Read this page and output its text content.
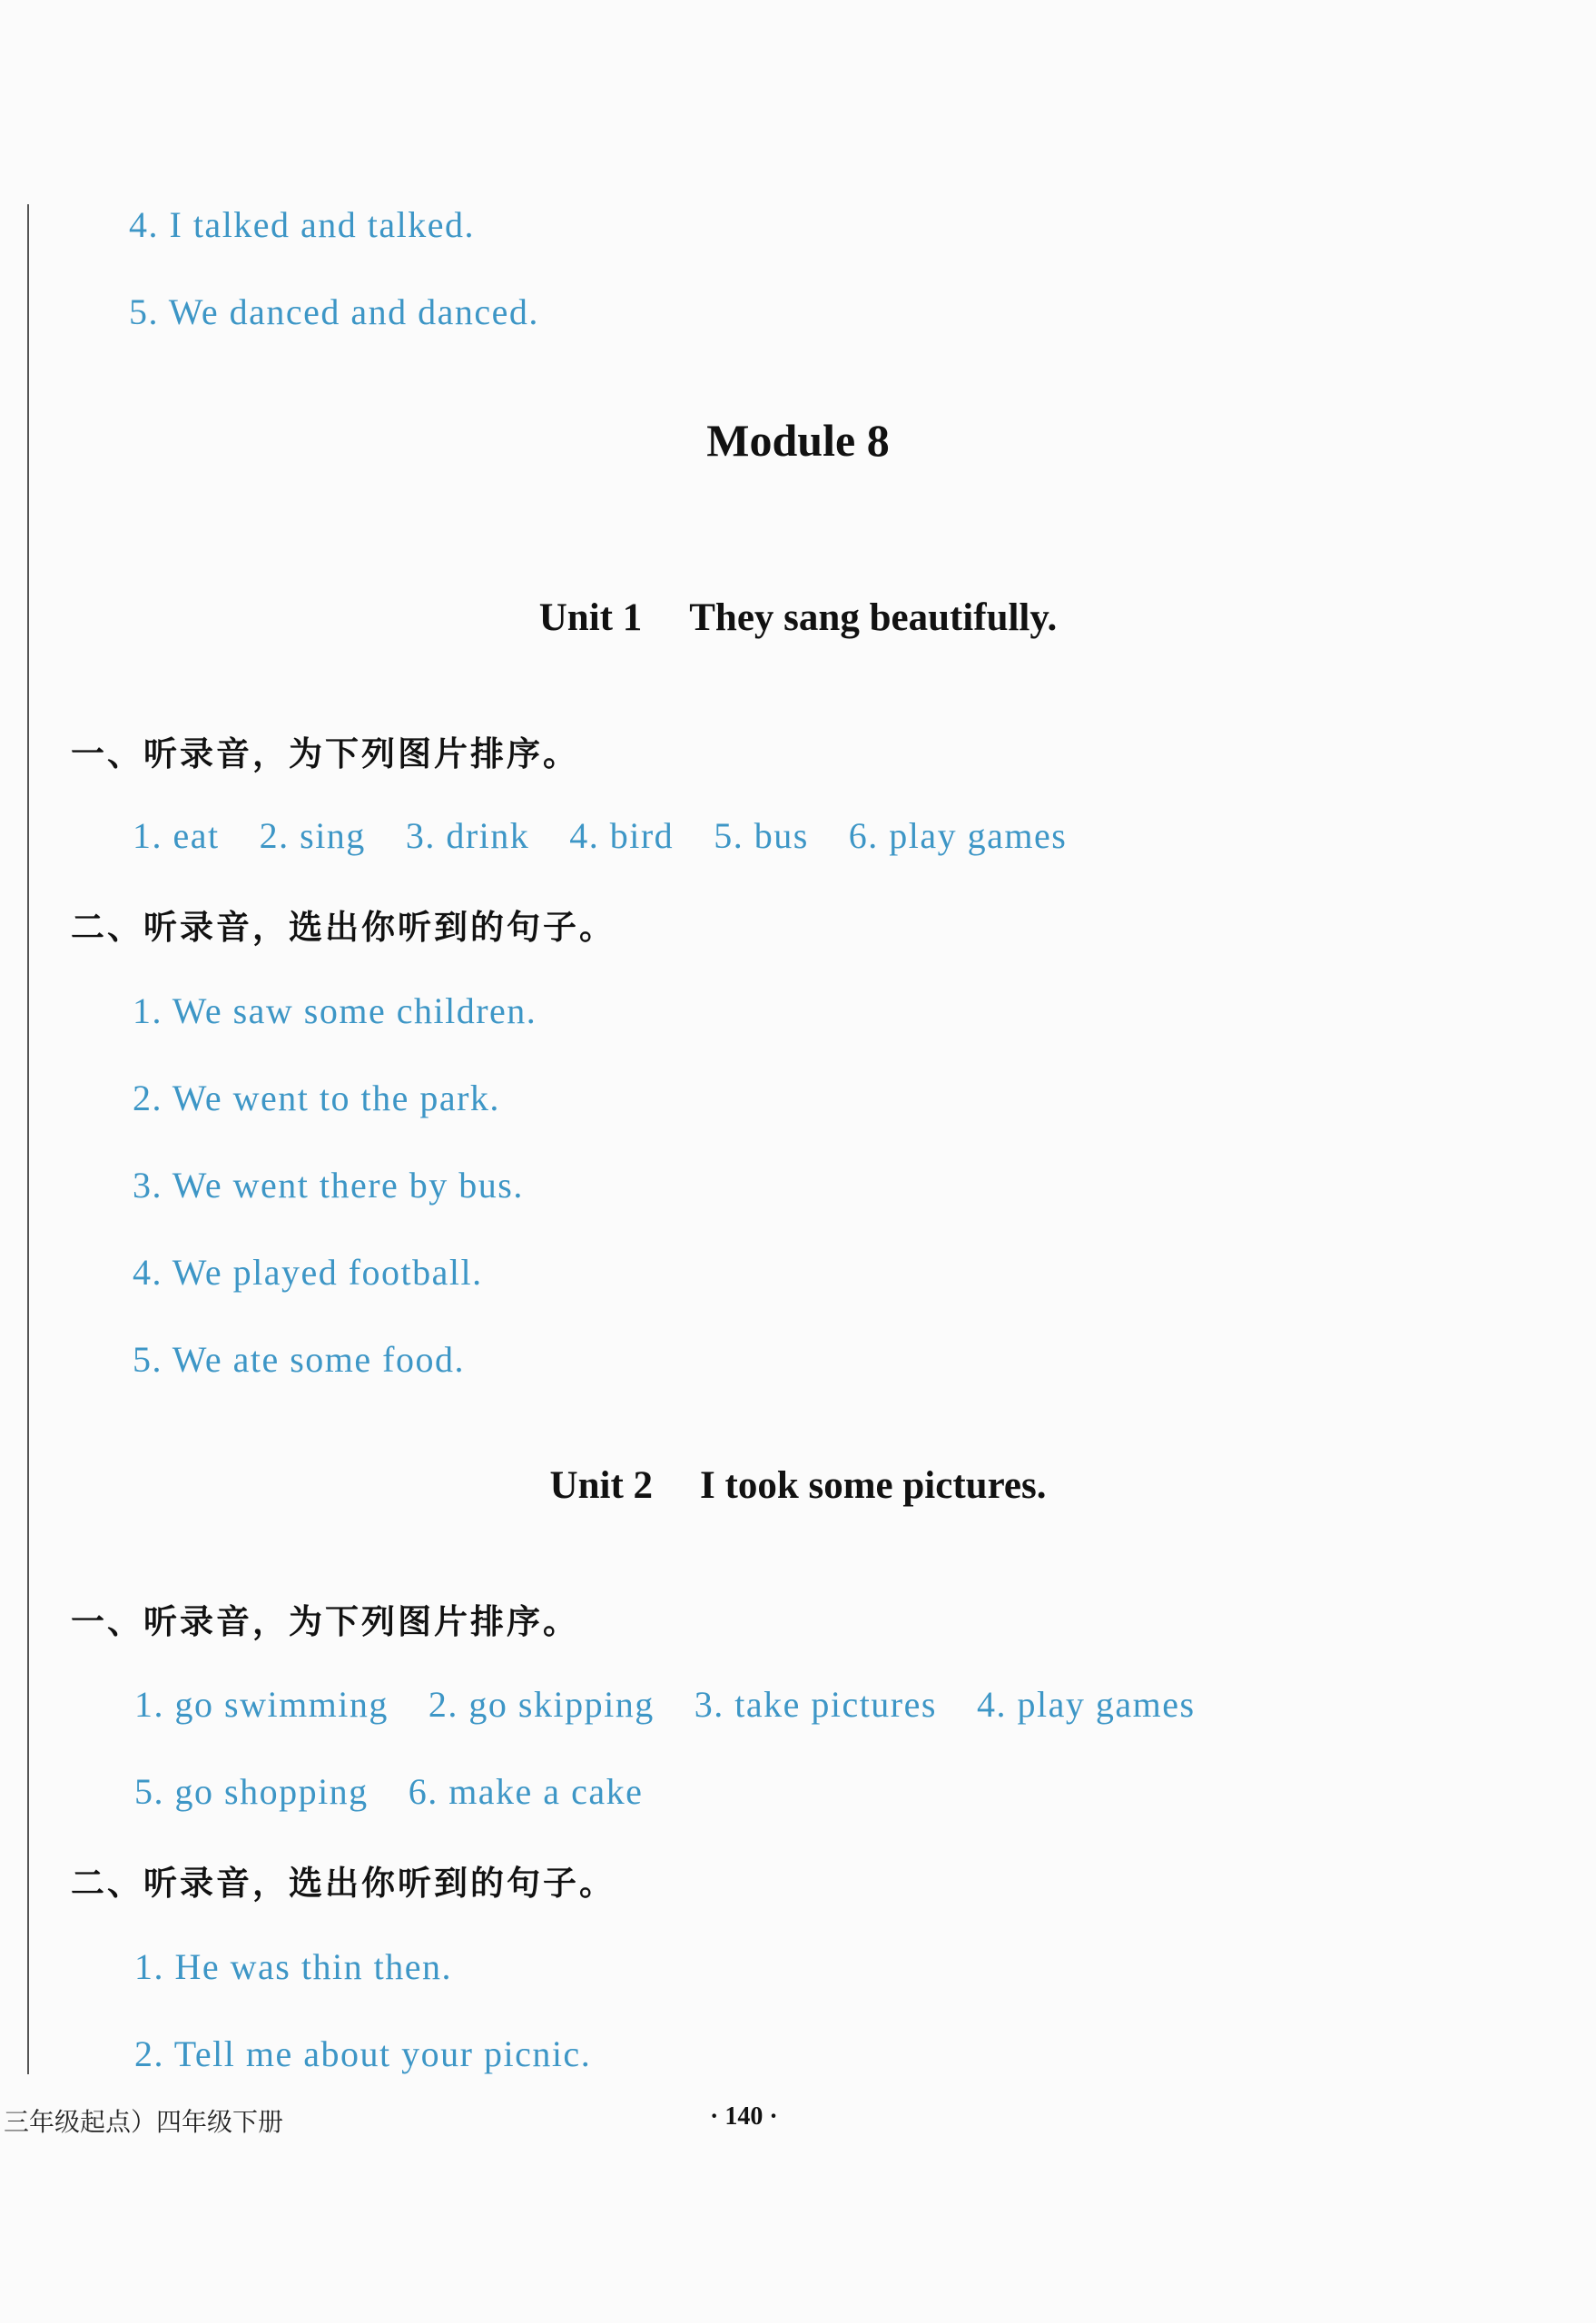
4. I talked and talked.
5. We danced and danced.
Module 8
Unit 1 They sang beautifully.
一、听录音，为下列图片排序。
1. eat 2. sing 3. drink 4. bird 5. bus 6. play games
二、听录音，选出你听到的句子。
1. We saw some children.
2. We went to the park.
3. We went there by bus.
4. We played football.
5. We ate some food.
Unit 2 I took some pictures.
一、听录音，为下列图片排序。
1. go swimming 2. go skipping 3. take pictures 4. play games
5. go shopping 6. make a cake
二、听录音，选出你听到的句子。
1. He was thin then.
2. Tell me about your picnic.
三年级起点）四年级下册	· 140 ·
